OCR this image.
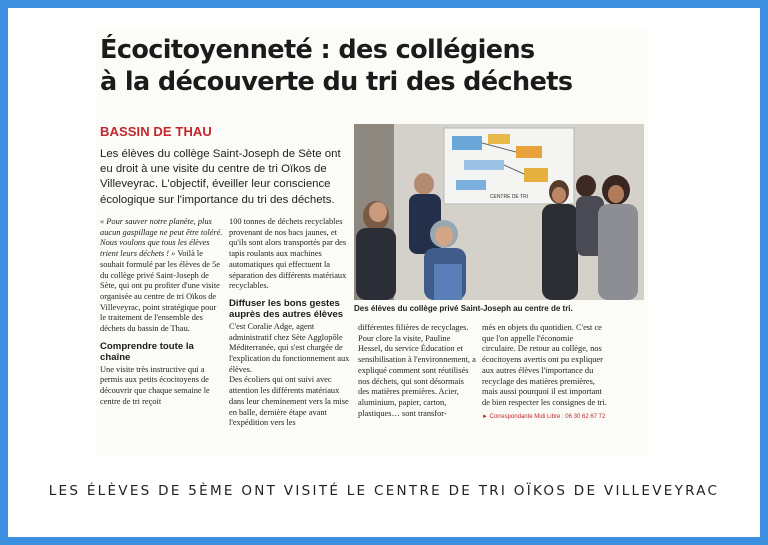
Écocitoyenneté : des collégiens
à la découverte du tri des déchets
BASSIN DE THAU
Les élèves du collège Saint-Joseph de Sète ont eu droit à une visite du centre de tri Oïkos de Villeveyrac. L'objectif, éveiller leur conscience écologique sur l'importance du tri des déchets.	CENTRE DE TRI
Des élèves du collège privé Saint-Joseph au centre de tri.

« Pour sauver notre planète, plus aucun gaspillage ne peut être toléré. Nous voulons que tous les élèves trient leurs déchets ! » Voilà le souhait formulé par les élèves de 5e du collège privé Saint-Joseph de Sète, qui ont pu profiter d'une visite organisée au centre de tri Oïkos de Villeveyrac, point stratégique pour le traitement de l'ensemble des déchets du bassin de Thau.

Comprendre toute la chaîne

Une visite très instructive qui a permis aux petits écocitoyens de découvrir que chaque semaine le centre de tri reçoit

100 tonnes de déchets recyclables provenant de nos bacs jaunes, et qu'ils sont alors transportés par des tapis roulants aux machines automatiques qui effectuent la séparation des différents matériaux recyclables.

Diffuser les bons gestes auprès des autres élèves

C'est Coralie Adge, agent administratif chez Sète Agglopôle Méditerranée, qui s'est chargée de l'explication du fonctionnement aux élèves.

Des écoliers qui ont suivi avec attention les différents matériaux dans leur cheminement vers la mise en balle, dernière étape avant l'expédition vers les

différentes filières de recyclages.

Pour clore la visite, Pauline Hessel, du service Éducation et sensibilisation à l'environnement, a expliqué comment sont réutilisés nos déchets, qui sont désormais des matières premières. Acier, aluminium, papier, carton, plastiques… sont transfor-

més en objets du quotidien. C'est ce que l'on appelle l'économie circulaire. De retour au collège, nos écocitoyens avertis ont pu expliquer aux autres élèves l'importance du recyclage des matières premières, mais aussi pourquoi il est important de bien respecter les consignes de tri.

► Correspondante Midi Libre : 06 30 62 67 72
LES ÉLÈVES DE 5ÈME ONT VISITÉ LE CENTRE DE TRI OÏKOS DE VILLEVEYRAC
